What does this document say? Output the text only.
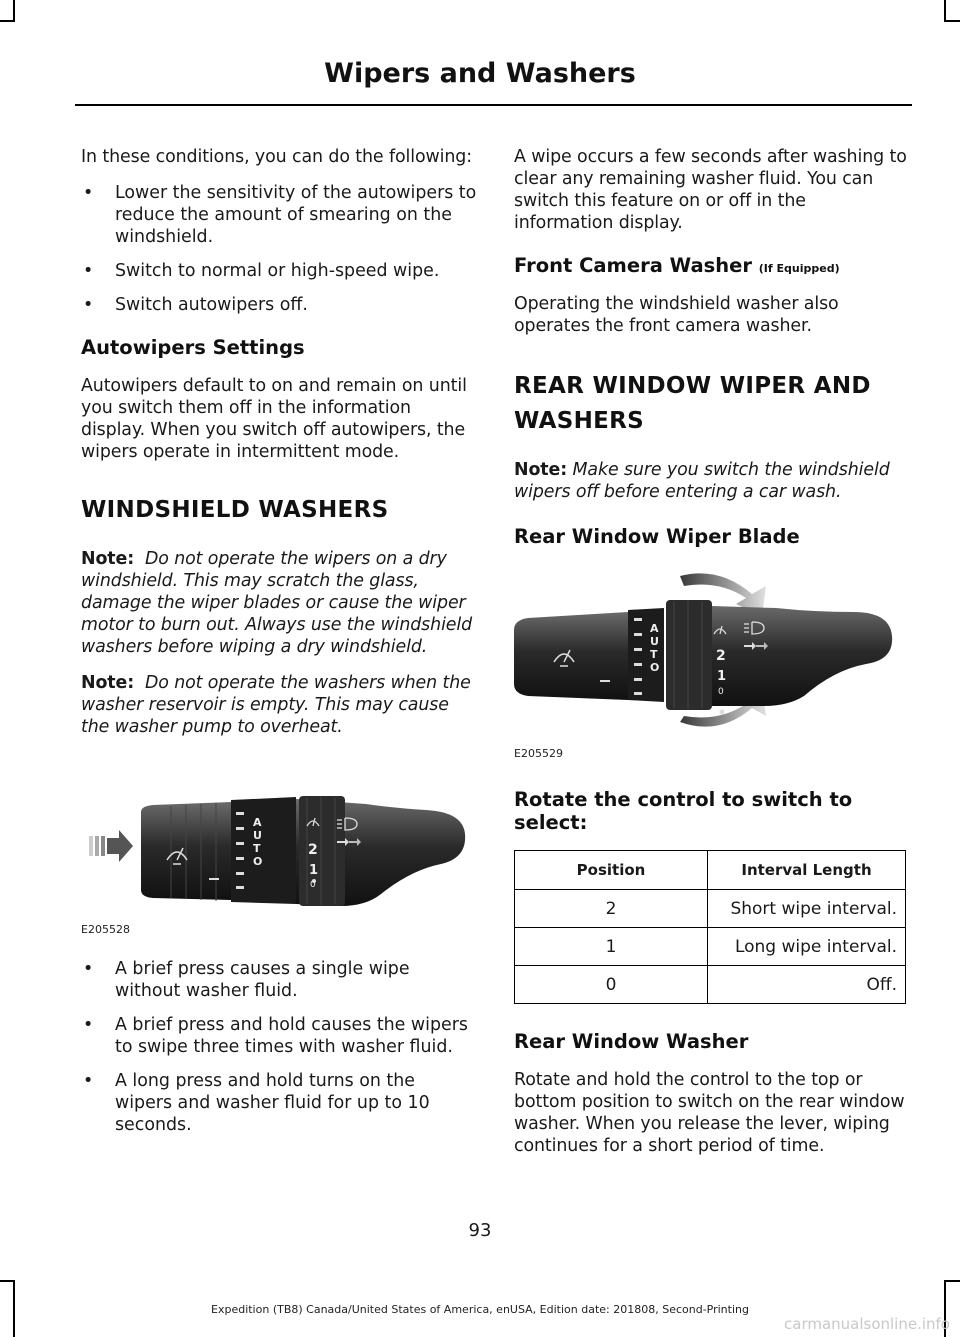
Wipers and Washers

In these conditions, you can do the following:

• Lower the sensitivity of the autowipers to reduce the amount of smearing on the windshield.
• Switch to normal or high-speed wipe.
• Switch autowipers off.
Autowipers Settings

Autowipers default to on and remain on until you switch them off in the information display. When you switch off autowipers, the wipers operate in intermittent mode.

WINDSHIELD WASHERS

Note: Do not operate the wipers on a dry windshield. This may scratch the glass, damage the wiper blades or cause the wiper motor to burn out. Always use the windshield washers before wiping a dry windshield.

Note: Do not operate the washers when the washer reservoir is empty. This may cause the washer pump to overheat.

A
U
T
O
2
1
0
E205528
• A brief press causes a single wipe without washer fluid.
• A brief press and hold causes the wipers to swipe three times with washer fluid.
• A long press and hold turns on the wipers and washer fluid for up to 10 seconds.

A wipe occurs a few seconds after washing to clear any remaining washer fluid. You can switch this feature on or off in the information display.

Front Camera Washer (If Equipped)

Operating the windshield washer also operates the front camera washer.

REAR WINDOW WIPER AND
WASHERS

Note: Make sure you switch the windshield wipers off before entering a car wash.

Rear Window Wiper Blade
A
U
T
O
2
1
0
E205529
Rotate the control to switch to select:
Position	Interval Length
2	Short wipe interval.
1	Long wipe interval.
0	Off.
Rear Window Washer

Rotate and hold the control to the top or bottom position to switch on the rear window washer. When you release the lever, wiping continues for a short period of time.

93
Expedition (TB8) Canada/United States of America, enUSA, Edition date: 201808, Second-Printing
carmanualsonline.info
